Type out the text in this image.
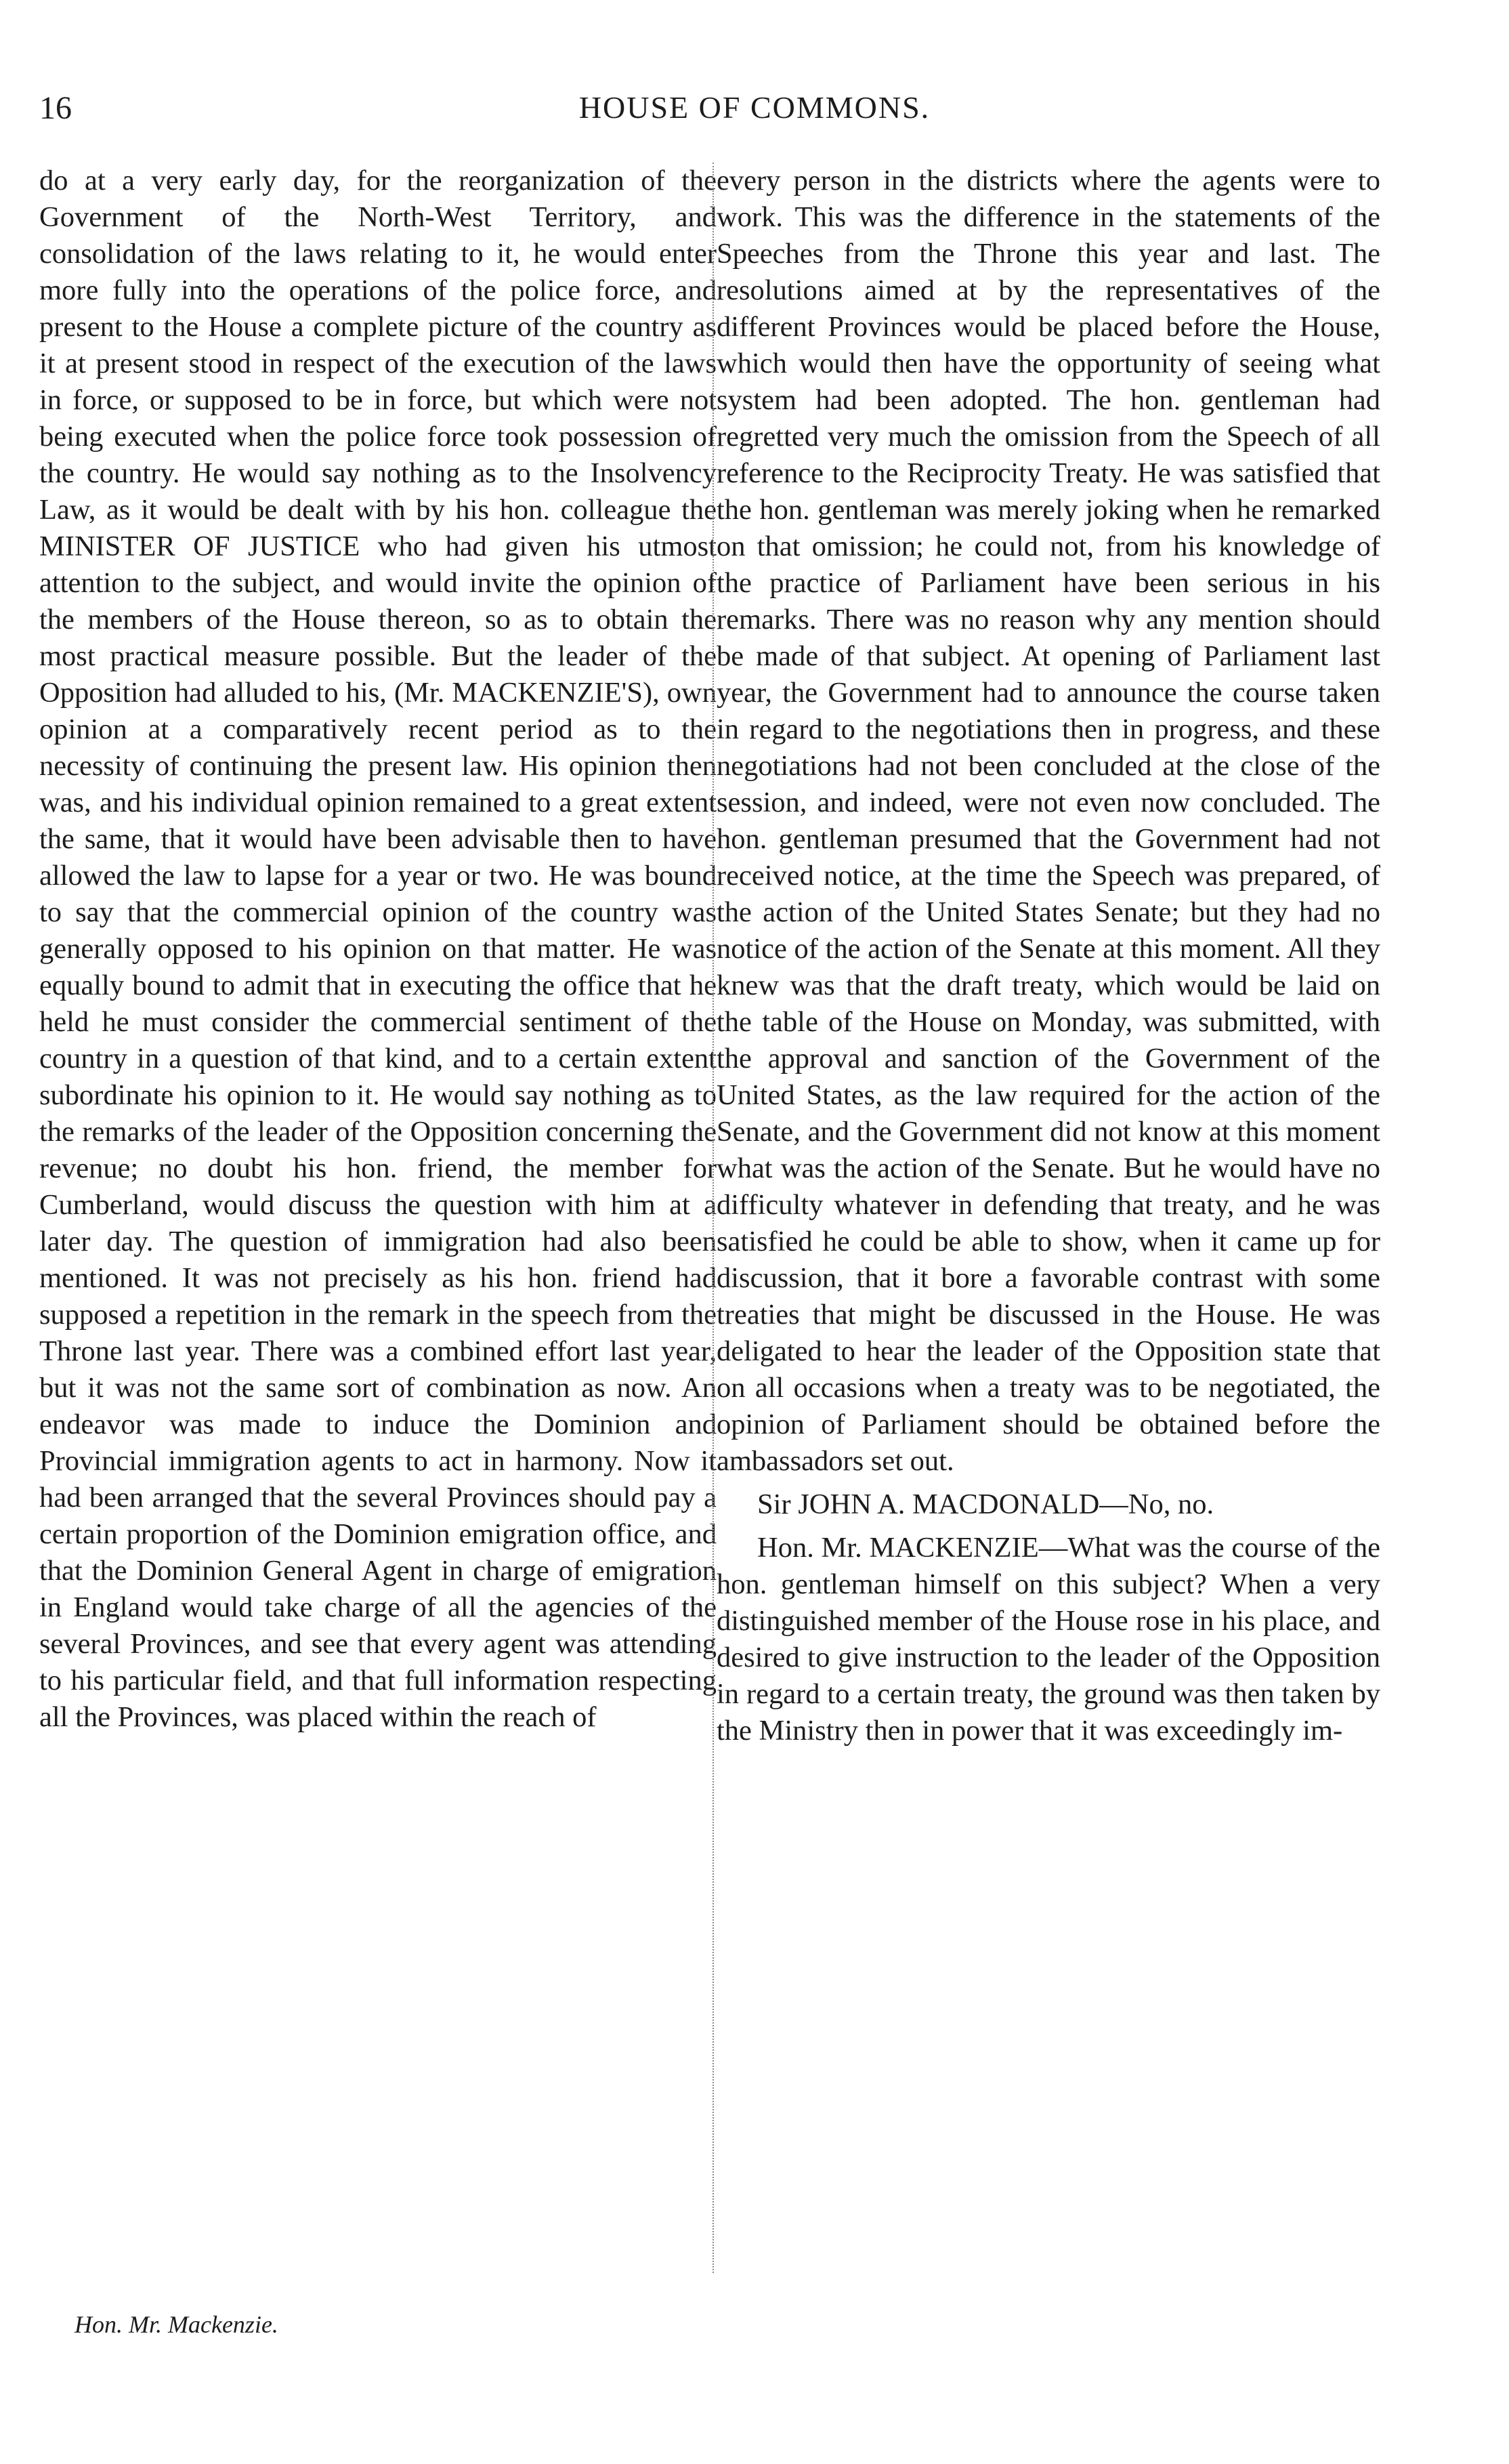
16	HOUSE OF COMMONS.

do at a very early day, for the reorganization of the Government of the North-West Territory, and consolidation of the laws relating to it, he would enter more fully into the operations of the police force, and present to the House a complete picture of the country as it at present stood in respect of the execution of the laws in force, or supposed to be in force, but which were not being executed when the police force took possession of the country. He would say nothing as to the Insolvency Law, as it would be dealt with by his hon. colleague the MINISTER OF JUSTICE who had given his utmost attention to the subject, and would invite the opinion of the members of the House thereon, so as to obtain the most practical measure possible. But the leader of the Opposition had alluded to his, (Mr. MACKENZIE'S), own opinion at a comparatively recent period as to the necessity of continuing the present law. His opinion then was, and his individual opinion remained to a great extent the same, that it would have been advisable then to have allowed the law to lapse for a year or two. He was bound to say that the commercial opinion of the country was generally opposed to his opinion on that matter. He was equally bound to admit that in executing the office that he held he must consider the commercial sentiment of the country in a question of that kind, and to a certain extent subordinate his opinion to it. He would say nothing as to the remarks of the leader of the Opposition concerning the revenue; no doubt his hon. friend, the member for Cumberland, would discuss the question with him at a later day. The question of immigration had also been mentioned. It was not precisely as his hon. friend had supposed a repetition in the remark in the speech from the Throne last year. There was a combined effort last year, but it was not the same sort of combination as now. An endeavor was made to induce the Dominion and Provincial immigration agents to act in harmony. Now it had been arranged that the several Provinces should pay a certain proportion of the Dominion emigration office, and that the Dominion General Agent in charge of emigration in England would take charge of all the agencies of the several Provinces, and see that every agent was attending to his particular field, and that full information respecting all the Provinces, was placed within the reach of

every person in the districts where the agents were to work. This was the difference in the statements of the Speeches from the Throne this year and last. The resolutions aimed at by the representatives of the different Provinces would be placed before the House, which would then have the opportunity of seeing what system had been adopted. The hon. gentleman had regretted very much the omission from the Speech of all reference to the Reciprocity Treaty. He was satisfied that the hon. gentleman was merely joking when he remarked on that omission; he could not, from his knowledge of the practice of Parliament have been serious in his remarks. There was no reason why any mention should be made of that subject. At opening of Parliament last year, the Government had to announce the course taken in regard to the negotiations then in progress, and these negotiations had not been concluded at the close of the session, and indeed, were not even now concluded. The hon. gentleman presumed that the Government had not received notice, at the time the Speech was prepared, of the action of the United States Senate; but they had no notice of the action of the Senate at this moment. All they knew was that the draft treaty, which would be laid on the table of the House on Monday, was submitted, with the approval and sanction of the Government of the United States, as the law required for the action of the Senate, and the Government did not know at this moment what was the action of the Senate. But he would have no difficulty whatever in defending that treaty, and he was satisfied he could be able to show, when it came up for discussion, that it bore a favorable contrast with some treaties that might be discussed in the House. He was deligated to hear the leader of the Opposition state that on all occasions when a treaty was to be negotiated, the opinion of Parliament should be obtained before the ambassadors set out.

Sir JOHN A. MACDONALD—No, no.

Hon. Mr. MACKENZIE—What was the course of the hon. gentleman himself on this subject? When a very distinguished member of the House rose in his place, and desired to give instruction to the leader of the Opposition in regard to a certain treaty, the ground was then taken by the Ministry then in power that it was exceedingly im-

Hon. Mr. Mackenzie.
